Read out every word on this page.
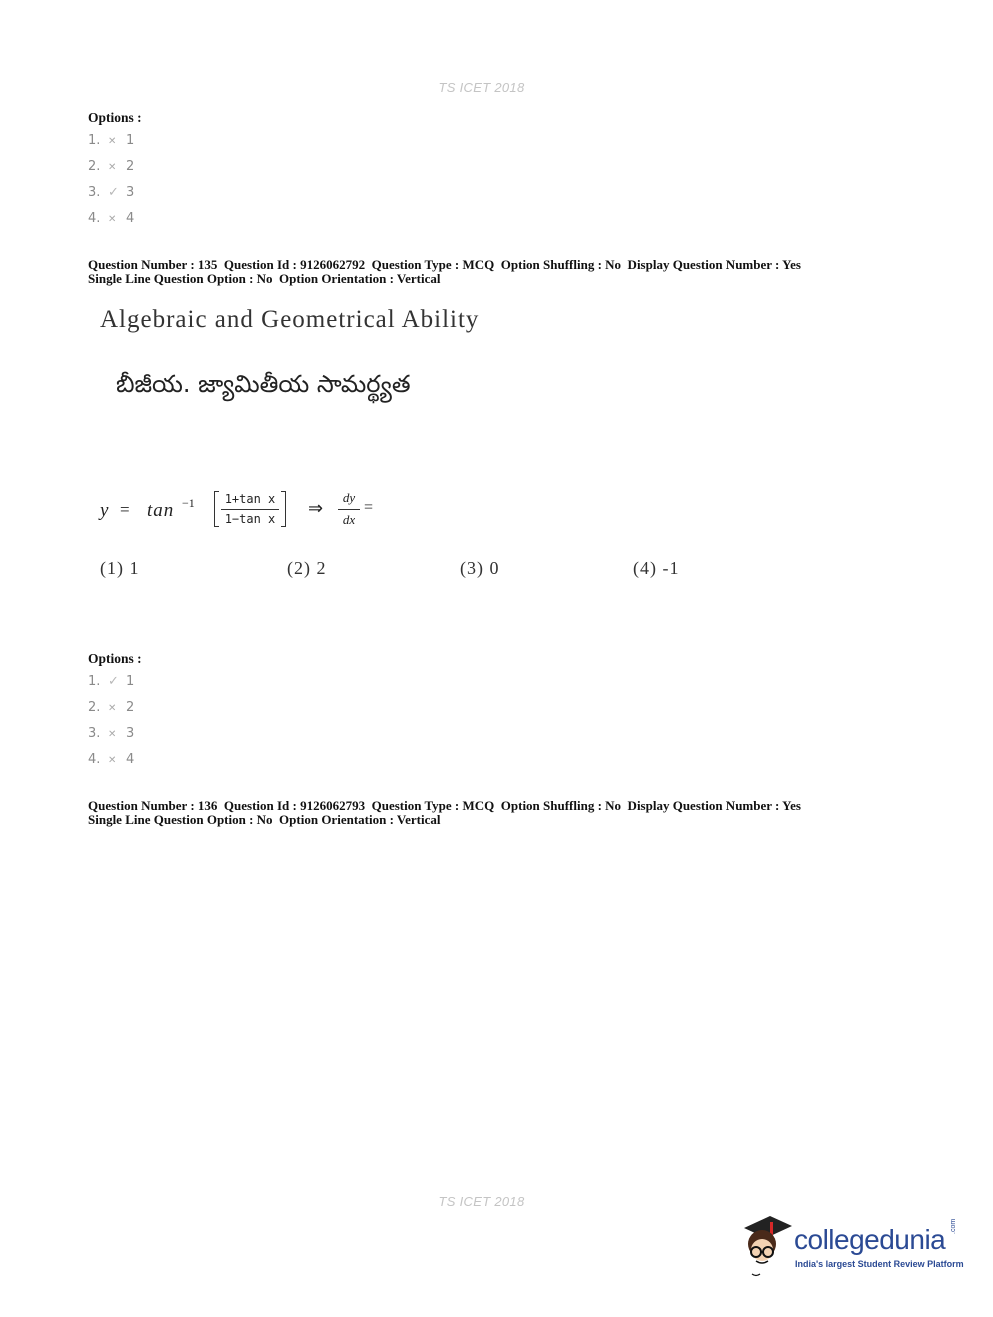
TS ICET 2018
Options :
1. ✕ 1
2. ✕ 2
3. ✓ 3
4. ✕ 4
Question Number : 135  Question Id : 9126062792  Question Type : MCQ  Option Shuffling : No  Display Question Number : Yes
Single Line Question Option : No  Option Orientation : Vertical
Algebraic and Geometrical Ability
బీజీయ. జ్యామితీయ సామర్థ్యత
y = tan −1	1+tan x
1−tan x
⇒
dy
dx
=
(1) 1	(2) 2	(3) 0	(4) -1
Options :
1. ✓ 1
2. ✕ 2
3. ✕ 3
4. ✕ 4
Question Number : 136  Question Id : 9126062793  Question Type : MCQ  Option Shuffling : No  Display Question Number : Yes
Single Line Question Option : No  Option Orientation : Vertical
TS ICET 2018
collegedunia .com
India's largest Student Review Platform
